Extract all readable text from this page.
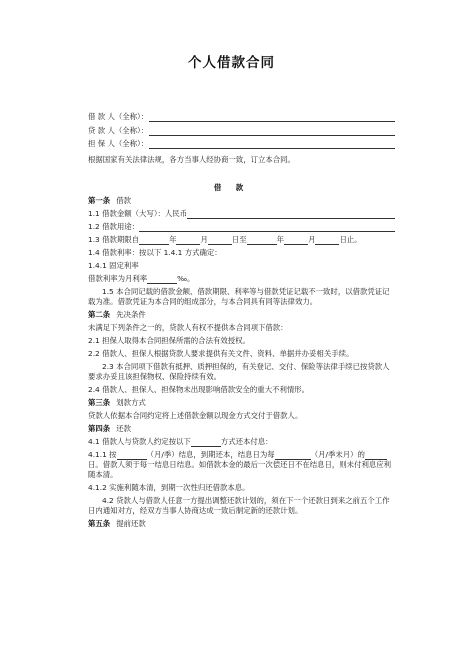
个人借款合同
借 款 人（全称）：
贷 款 人（全称）：
担 保 人（全称）：
根据国家有关法律法规，各方当事人经协商一致，订立本合同。
借 款
第一条 借款
1.1 借款金额（大写）：人民币
1.2 借款用途：
1.3 借款期限自	年	月	日至	年	月	日止。
1.4 借款利率：按以下 1.4.1 方式确定：
1.4.1 固定利率
借款利率为月利率	‰。
1.5 本合同记载的借款金额、借款期限、利率等与借款凭证记载不一致时，以借款凭证记载为准。借款凭证为本合同的组成部分，与本合同具有同等法律效力。
第二条 先决条件
未满足下列条件之一的，贷款人有权不提供本合同项下借款：
2.1 担保人取得本合同担保所需的合法有效授权。
2.2 借款人、担保人根据贷款人要求提供有关文件、资料、单据并办妥相关手续。
2.3 本合同项下借款有抵押、质押担保的，有关登记、交付、保险等法律手续已按贷款人要求办妥且该担保物权、保险持续有效。
2.4 借款人、担保人、担保物未出现影响借款安全的重大不利情形。
第三条 划款方式
贷款人依据本合同约定将上述借款金额以现金方式交付于借款人。
第四条 还款
4.1 借款人与贷款人约定按以下	方式还本付息：
4.1.1 按	（月/季）结息，到期还本，结息日为每	（月/季末月）的日。借款人须于每一结息日结息。如借款本金的最后一次偿还日不在结息日，则未付利息应利随本清。
4.1.2 实施利随本清，到期一次性归还借款本息。
4.2 贷款人与借款人任意一方提出调整还款计划的，须在下一个还款日到来之前五个工作日内通知对方，经双方当事人协商达成一致后制定新的还款计划。
第五条 提前还款
